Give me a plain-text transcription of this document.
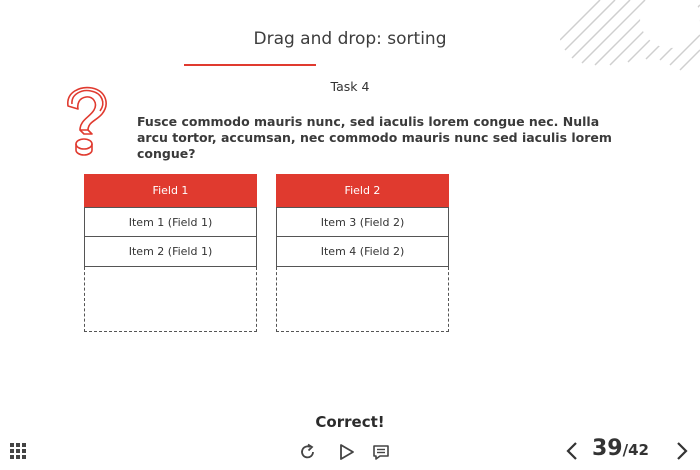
Drag and drop: sorting
Task 4
Fusce commodo mauris nunc, sed iaculis lorem congue nec. Nulla arcu tortor, accumsan, nec commodo mauris nunc sed iaculis lorem congue?
Field 1
Item 1 (Field 1)
Item 2 (Field 1)
Field 2
Item 3 (Field 2)
Item 4 (Field 2)
Correct!
39/42
